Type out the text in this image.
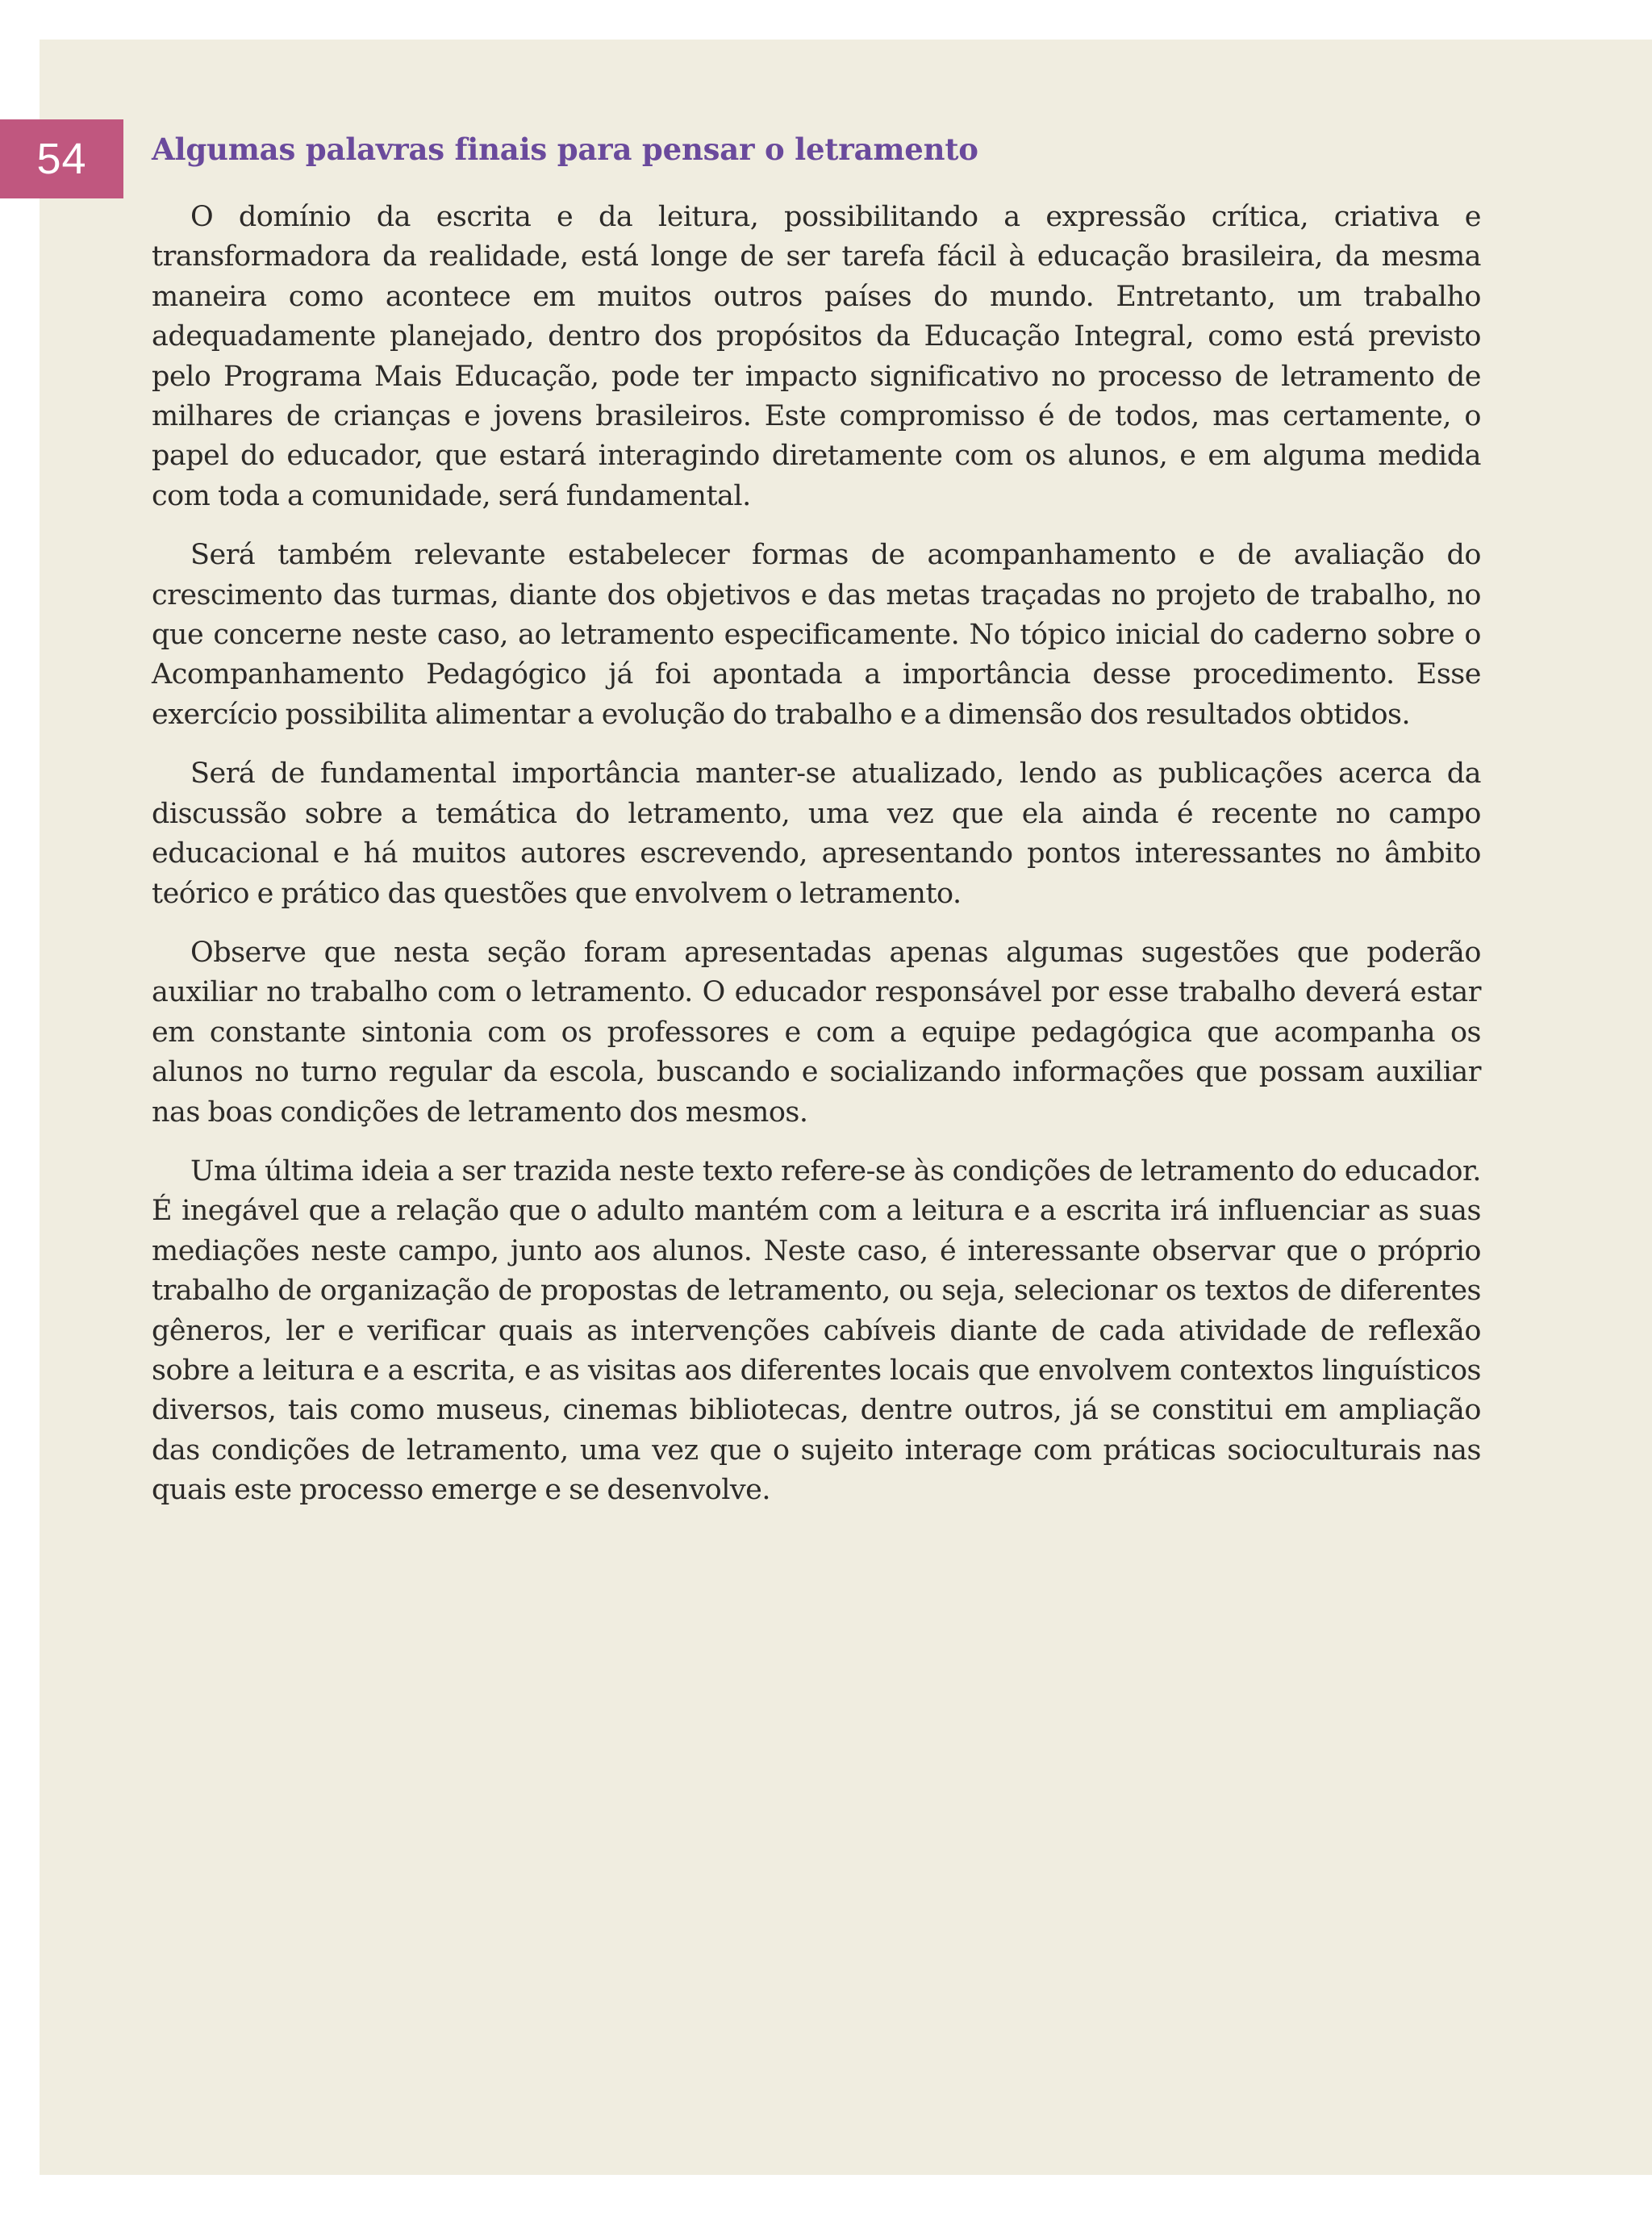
54	Algumas palavras finais para pensar o letramento

O domínio da escrita e da leitura, possibilitando a expressão crítica, criativa e transformadora da realidade, está longe de ser tarefa fácil à educação brasileira, da mesma maneira como acontece em muitos outros países do mundo. Entretanto, um trabalho adequadamente planejado, dentro dos propósitos da Educação Integral, como está previsto pelo Programa Mais Educação, pode ter impacto significativo no processo de letramento de milhares de crianças e jovens brasileiros. Este compromisso é de todos, mas certamente, o papel do educador, que estará interagindo diretamente com os alunos, e em alguma medida com toda a comunidade, será fundamental.

Será também relevante estabelecer formas de acompanhamento e de avaliação do crescimento das turmas, diante dos objetivos e das metas traçadas no projeto de trabalho, no que concerne neste caso, ao letramento especificamente. No tópico inicial do caderno sobre o Acompanhamento Pedagógico já foi apontada a importância desse procedimento. Esse exercício possibilita alimentar a evolução do trabalho e a dimensão dos resultados obtidos.

Será de fundamental importância manter-se atualizado, lendo as publicações acerca da discussão sobre a temática do letramento, uma vez que ela ainda é recente no campo educacional e há muitos autores escrevendo, apresentando pontos interessantes no âmbito teórico e prático das questões que envolvem o letramento.

Observe que nesta seção foram apresentadas apenas algumas sugestões que poderão auxiliar no trabalho com o letramento. O educador responsável por esse trabalho deverá estar em constante sintonia com os professores e com a equipe pedagógica que acompanha os alunos no turno regular da escola, buscando e socializando informações que possam auxiliar nas boas condições de letramento dos mesmos.

Uma última ideia a ser trazida neste texto refere-se às condições de letramento do educador. É inegável que a relação que o adulto mantém com a leitura e a escrita irá influenciar as suas mediações neste campo, junto aos alunos. Neste caso, é interessante observar que o próprio trabalho de organização de propostas de letramento, ou seja, selecionar os textos de diferentes gêneros, ler e verificar quais as intervenções cabíveis diante de cada atividade de reflexão sobre a leitura e a escrita, e as visitas aos diferentes locais que envolvem contextos linguísticos diversos, tais como museus, cinemas bibliotecas, dentre outros, já se constitui em ampliação das condições de letramento, uma vez que o sujeito interage com práticas socioculturais nas quais este processo emerge e se desenvolve.
